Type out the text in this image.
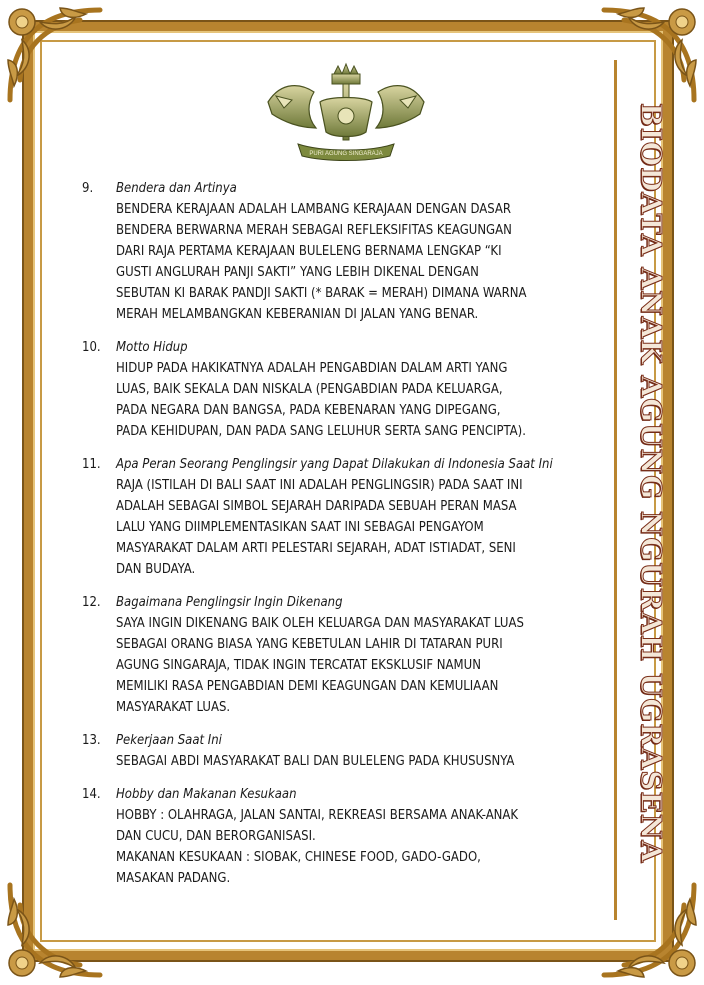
PURI AGUNG SINGARAJA	BIODATA ANAK AGUNG NGURAH UGRASENA
9. Bendera dan Artinya
BENDERA KERAJAAN ADALAH LAMBANG KERAJAAN DENGAN DASAR
BENDERA BERWARNA MERAH SEBAGAI REFLEKSIFITAS KEAGUNGAN
DARI RAJA PERTAMA KERAJAAN BULELENG BERNAMA LENGKAP “KI
GUSTI ANGLURAH PANJI SAKTI” YANG LEBIH DIKENAL DENGAN
SEBUTAN KI BARAK PANDJI SAKTI (* BARAK = MERAH) DIMANA WARNA
MERAH MELAMBANGKAN KEBERANIAN DI JALAN YANG BENAR.
10. Motto Hidup
HIDUP PADA HAKIKATNYA ADALAH PENGABDIAN DALAM ARTI YANG
LUAS, BAIK SEKALA DAN NISKALA (PENGABDIAN PADA KELUARGA,
PADA NEGARA DAN BANGSA, PADA KEBENARAN YANG DIPEGANG,
PADA KEHIDUPAN, DAN PADA SANG LELUHUR SERTA SANG PENCIPTA).
11. Apa Peran Seorang Penglingsir yang Dapat Dilakukan di Indonesia Saat Ini
RAJA (ISTILAH DI BALI SAAT INI ADALAH PENGLINGSIR) PADA SAAT INI
ADALAH SEBAGAI SIMBOL SEJARAH DARIPADA SEBUAH PERAN MASA
LALU YANG DIIMPLEMENTASIKAN SAAT INI SEBAGAI PENGAYOM
MASYARAKAT DALAM ARTI PELESTARI SEJARAH, ADAT ISTIADAT, SENI
DAN BUDAYA.
12. Bagaimana Penglingsir Ingin Dikenang
SAYA INGIN DIKENANG BAIK OLEH KELUARGA DAN MASYARAKAT LUAS
SEBAGAI ORANG BIASA YANG KEBETULAN LAHIR DI TATARAN PURI
AGUNG SINGARAJA, TIDAK INGIN TERCATAT EKSKLUSIF NAMUN
MEMILIKI RASA PENGABDIAN DEMI KEAGUNGAN DAN KEMULIAAN
MASYARAKAT LUAS.
13. Pekerjaan Saat Ini
SEBAGAI ABDI MASYARAKAT BALI DAN BULELENG PADA KHUSUSNYA
14. Hobby dan Makanan Kesukaan
HOBBY : OLAHRAGA, JALAN SANTAI, REKREASI BERSAMA ANAK-ANAK
DAN CUCU, DAN BERORGANISASI.
MAKANAN KESUKAAN : SIOBAK, CHINESE FOOD, GADO-GADO,
MASAKAN PADANG.
